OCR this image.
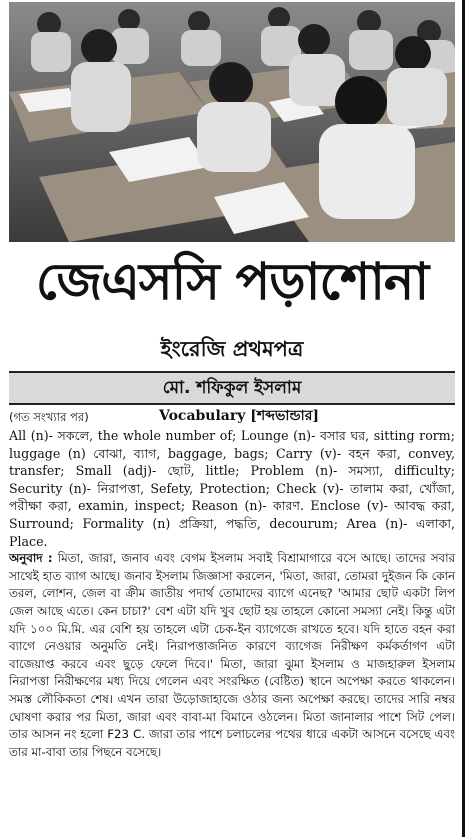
জেএসসি পড়াশোনা
ইংরেজি প্রথমপত্র
মো. শফিকুল ইসলাম
(গত সংখ্যার পর)	Vocabulary [শব্দভান্ডার]

All (n)- সকলে, the whole number of; Lounge (n)- বসার ঘর, sitting rorm; luggage (n) বোঝা, ব্যাগ, baggage, bags; Carry (v)- বহন করা, convey, transfer; Small (adj)- ছোট, little; Problem (n)- সমস্যা, difficulty; Security (n)- নিরাপত্তা, Sefety, Protection; Check (v)- তালাম করা, খোঁজা, পরীক্ষা করা, examin, inspect; Reason (n)- কারণ. Enclose (v)- আবদ্ধ করা, Surround; Formality (n) প্রক্রিয়া, পদ্ধতি, decourum; Area (n)- এলাকা, Place.

অনুবাদ : মিতা, জারা, জনাব এবং বেগম ইসলাম সবাই বিশ্রামাগারে বসে আছে। তাদের সবার সাথেই হাত ব্যাগ আছে। জনাব ইসলাম জিজ্ঞাসা করলেন, 'মিতা, জারা, তোমরা দুইজন কি কোন তরল, লোশন, জেল বা ক্রীম জাতীয় পদার্থ তোমাদের ব্যাগে এনেছ? 'আমার ছোট একটা লিপ জেল আছে এতে। কেন চাচা?' বেশ এটা যদি খুব ছোট হয় তাহলে কোনো সমস্যা নেই। কিন্তু এটা যদি ১০০ মি.মি. এর বেশি হয় তাহলে এটা চেক-ইন ব্যাগেজে রাখতে হবে। যদি হাতে বহন করা ব্যাগে নেওয়ার অনুমতি নেই। নিরাপত্তাজনিত কারণে ব্যাগেজ নিরীক্ষণ কর্মকর্তাগণ এটা বাজেয়াপ্ত করবে এবং ছুড়ে ফেলে দিবে।' মিতা, জারা ঝুমা ইসলাম ও মাজহারুল ইসলাম নিরাপত্তা নিরীক্ষণের মধ্য দিয়ে গেলেন এবং সংরক্ষিত (বেষ্টিত) স্থানে অপেক্ষা করতে থাকলেন। সমস্ত লৌকিকতা শেষ। এখন তারা উড়োজাহাজে ওঠার জন্য অপেক্ষা করছে। তাদের সারি নম্বর ঘোষণা করার পর মিতা, জারা এবং বাবা-মা বিমানে ওঠলেন। মিতা জানালার পাশে সিট পেল। তার আসন নং হলো F23 C. জারা তার পাশে চলাচলের পথের ধারে একটা আসনে বসেছে এবং তার মা-বাবা তার পিছনে বসেছে।
